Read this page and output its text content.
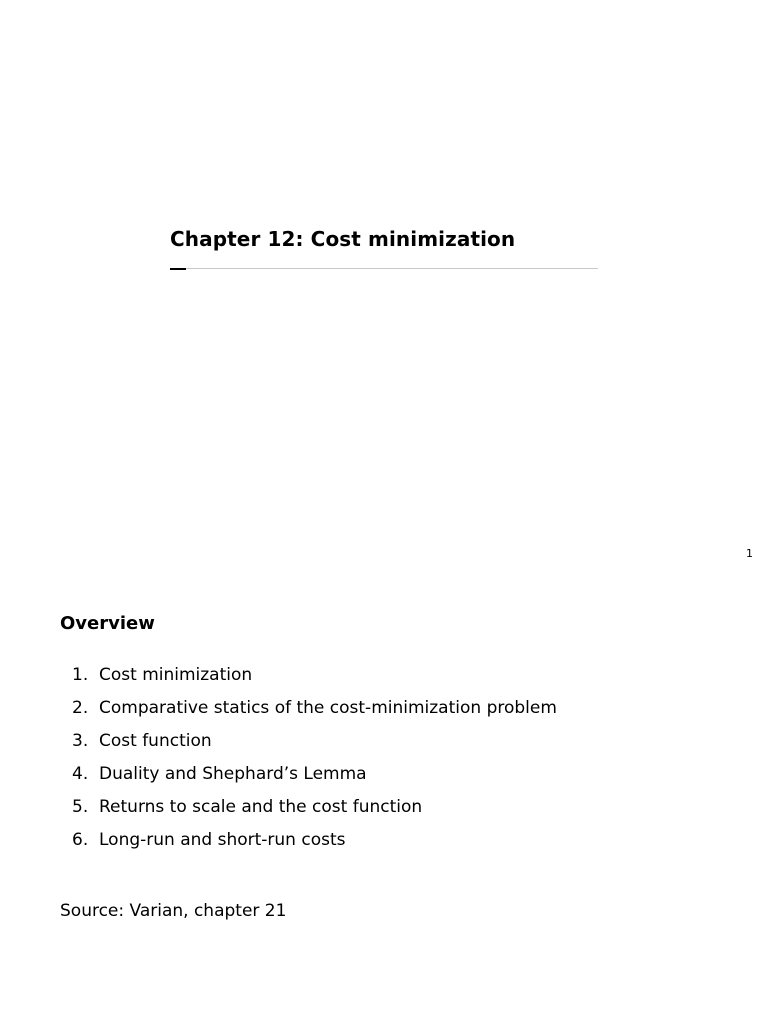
Chapter 12: Cost minimization
1
Overview
1. Cost minimization
2. Comparative statics of the cost-minimization problem
3. Cost function
4. Duality and Shephard’s Lemma
5. Returns to scale and the cost function
6. Long-run and short-run costs
Source: Varian, chapter 21
